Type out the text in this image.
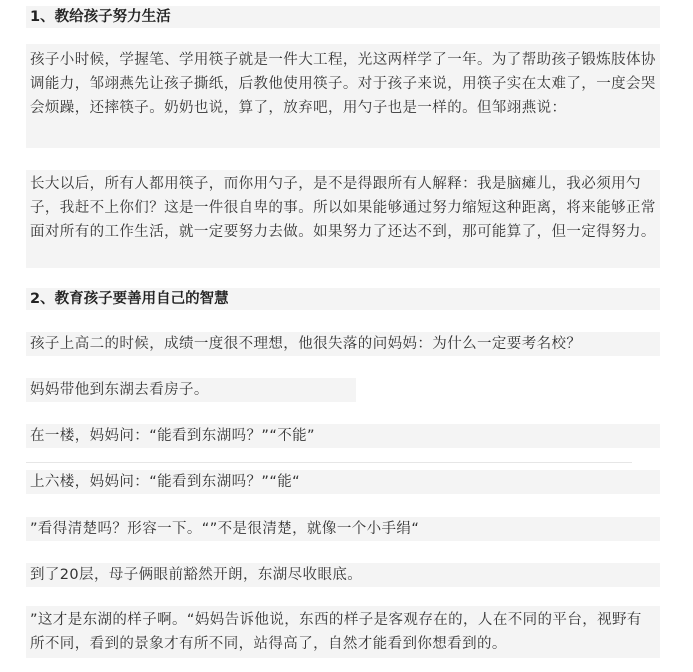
1、教给孩子努力生活
孩子小时候，学握笔、学用筷子就是一件大工程，光这两样学了一年。为了帮助孩子锻炼肢体协调能力，邹翊燕先让孩子撕纸，后教他使用筷子。对于孩子来说，用筷子实在太难了，一度会哭会烦躁，还摔筷子。奶奶也说，算了，放弃吧，用勺子也是一样的。但邹翊燕说：
长大以后，所有人都用筷子，而你用勺子，是不是得跟所有人解释：我是脑瘫儿，我必须用勺子，我赶不上你们？这是一件很自卑的事。所以如果能够通过努力缩短这种距离，将来能够正常面对所有的工作生活，就一定要努力去做。如果努力了还达不到，那可能算了，但一定得努力。
2、教育孩子要善用自己的智慧
孩子上高二的时候，成绩一度很不理想，他很失落的问妈妈：为什么一定要考名校？
妈妈带他到东湖去看房子。
在一楼，妈妈问：“能看到东湖吗？”“不能”
上六楼，妈妈问：“能看到东湖吗？”“能“
”看得清楚吗？形容一下。“”不是很清楚，就像一个小手绢“
到了20层，母子俩眼前豁然开朗，东湖尽收眼底。
”这才是东湖的样子啊。“妈妈告诉他说，东西的样子是客观存在的，人在不同的平台，视野有所不同，看到的景象才有所不同，站得高了，自然才能看到你想看到的。
